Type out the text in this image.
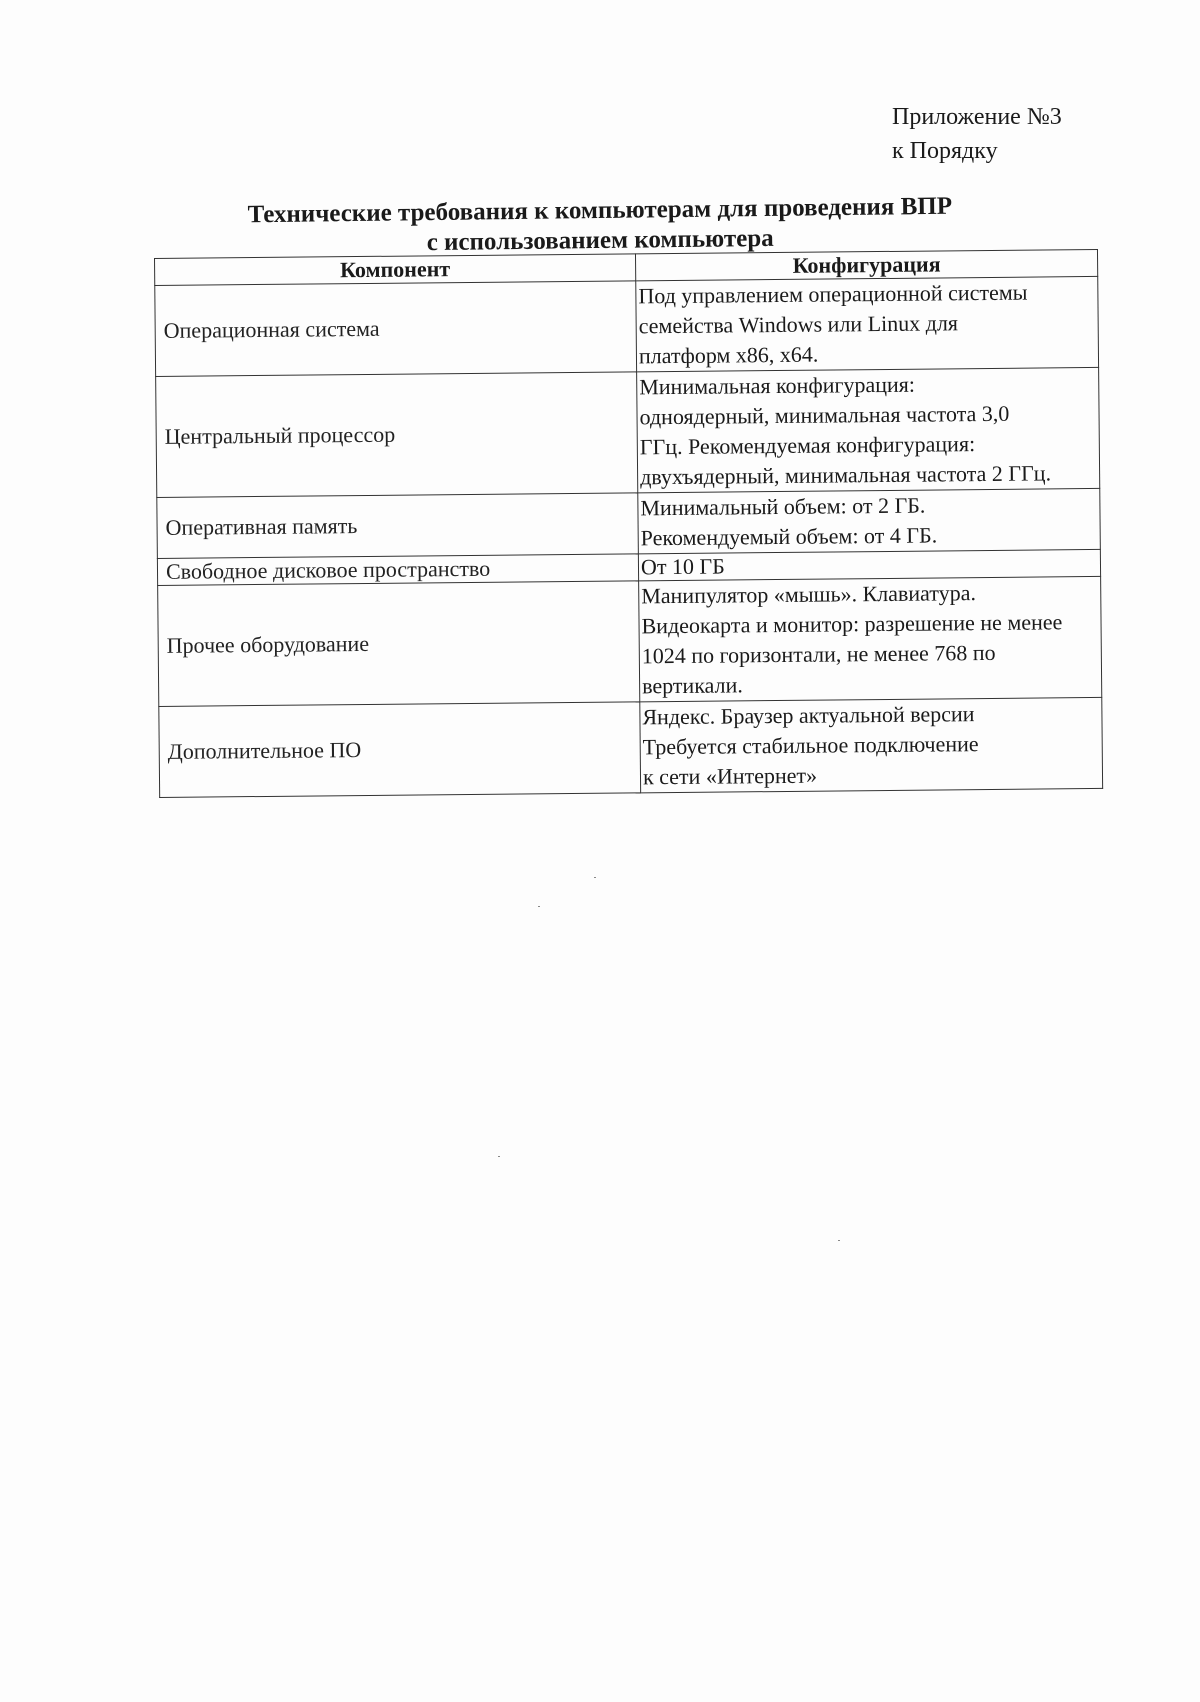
Приложение №3
к Порядку
Технические требования к компьютерам для проведения ВПР
с использованием компьютера
Компонент	Конфигурация
Операционная система	Под управлением операционной системы
семейства Windows или Linux для
платформ x86, x64.

Центральный процессор	Минимальная конфигурация:
одноядерный, минимальная частота 3,0
ГГц. Рекомендуемая конфигурация:
двухъядерный, минимальная частота 2 ГГц.

Оперативная память	Минимальный объем: от 2 ГБ.
Рекомендуемый объем: от 4 ГБ.

Свободное дисковое пространство	От 10 ГБ

Прочее оборудование	Манипулятор «мышь». Клавиатура.
Видеокарта и монитор: разрешение не менее
1024 по горизонтали, не менее 768 по
вертикали.

Дополнительное ПО	Яндекс. Браузер актуальной версии
Требуется стабильное подключение
к сети «Интернет»
